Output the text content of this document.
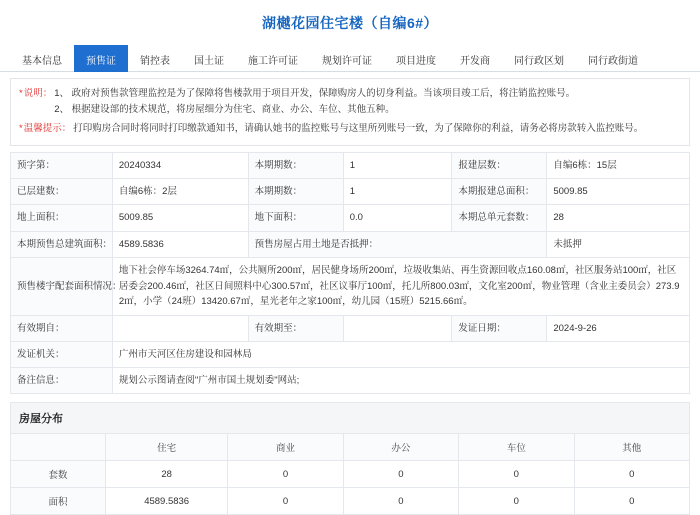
湖樾花园住宅楼（自编6#）
基本信息 预售证 销控表 国土证 施工许可证 规划许可证 项目进度 开发商 同行政区划 同行政街道
*说明： 1、 政府对预售款管理监控是为了保障将售楼款用于项目开发，保障购房人的切身利益。当该项目竣工后，将注销监控账号。
2、 根据建设部的技术规范，将房屋细分为住宅、商业、办公、车位、其他五种。
*温馨提示： 打印购房合同时将同时打印缴款通知书，请确认她书的监控账号与这里所列账号一致，为了保障你的利益，请务必将房款转入监控账号。
预字第：	20240334	本期期数：	1	报建层数：	自编6栋：15层
已层建数：	自编6栋：2层	本期期数：	1	本期报建总面积：	5009.85
地上面积：	5009.85	地下面积：	0.0	本期总单元套数：	28
本期预售总建筑面积：	4589.5836	预售房屋占用土地是否抵押：			未抵押
预售楼宇配套面积情况：	地下社会停车场3264.74㎡，公共厕所200㎡，居民健身场所200㎡，垃圾收集站、再生资源回收点160.08㎡，社区服务站100㎡，社区居委会200.46㎡，社区日间照料中心300.57㎡，社区议事厅100㎡，托儿所800.03㎡，文化室200㎡，物业管理（含业主委员会）273.92㎡，小学（24班）13420.67㎡，星光老年之家100㎡，幼儿园（15班）5215.66㎡。				
有效期自：		有效期至：		发证日期：	2024-9-26
发证机关：	广州市天河区住房建设和园林局				
备注信息：	规划公示图请查阅"广州市国土规划委"网站;				
房屋分布
	住宅	商业	办公	车位	其他
套数	28	0	0	0	0
面积	4589.5836	0	0	0	0
